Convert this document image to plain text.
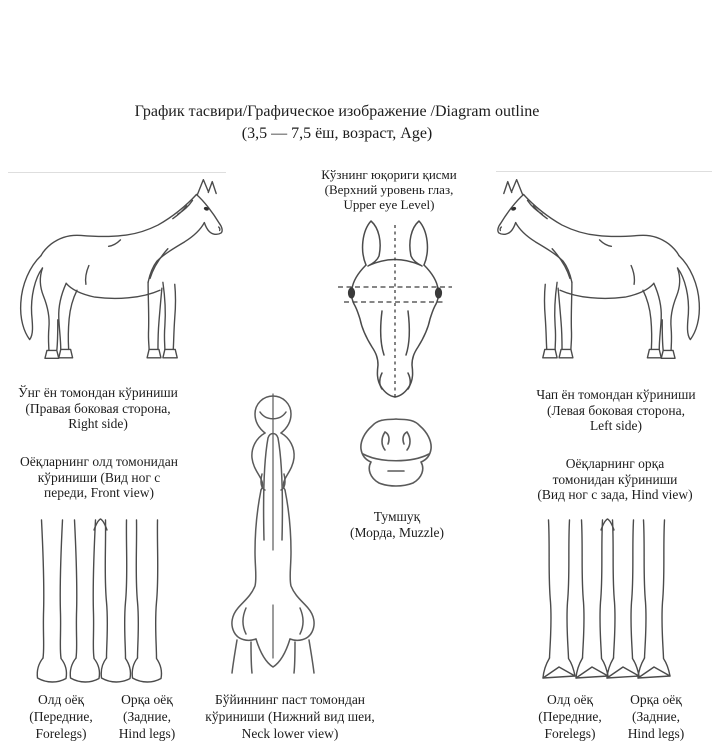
График тасвири/Графическое изображение /Diagram outline
(3,5 — 7,5 ёш, возраст, Age)
Кўзнинг юқориги қисми
(Верхний уровень глаз,
Upper eye Level)
Ўнг ён томондан кўриниши
(Правая боковая сторона,
Right side)
Чап ён томондан кўриниши
(Левая боковая сторона,
Left side)
Оёқларнинг олд томонидан
кўриниши (Вид ног с
переди, Front view)
Оёқларнинг орқа
томонидан кўриниши
(Вид ног с зада, Hind view)
Тумшуқ
(Морда, Muzzle)
Олд оёқ
(Передние,
Forelegs)
Орқа оёқ
(Задние,
Hind legs)
Бўйиннинг паст томондан
кўриниши (Нижний вид шеи,
Neck lower view)
Олд оёқ
(Передние,
Forelegs)
Орқа оёқ
(Задние,
Hind legs)
